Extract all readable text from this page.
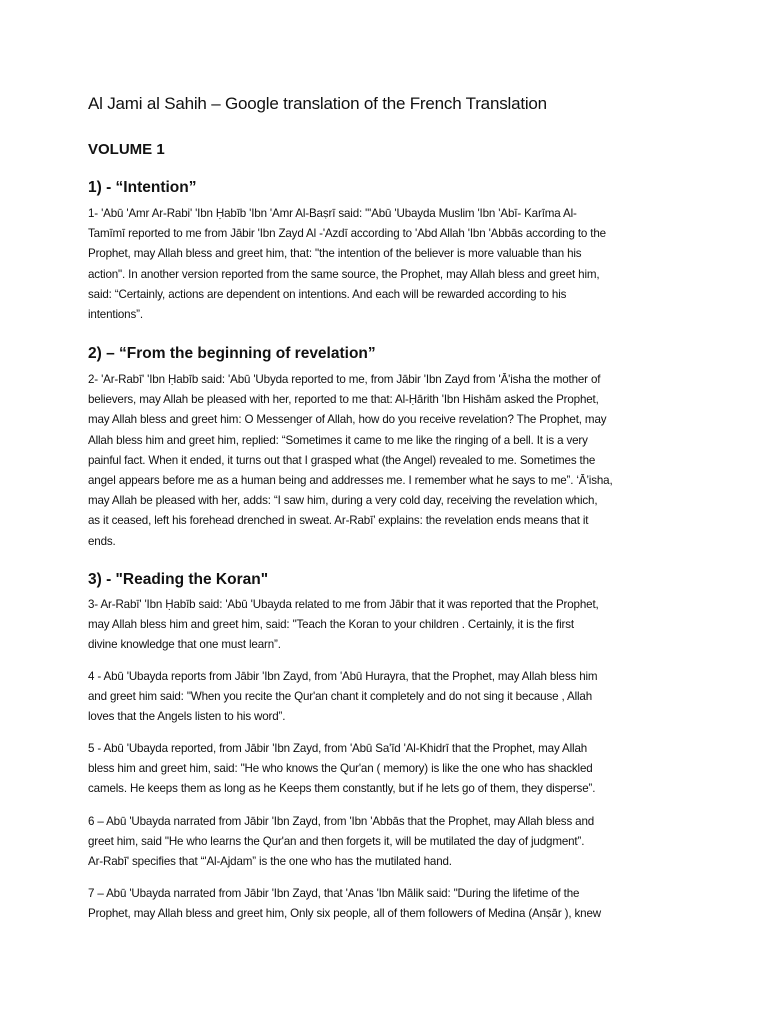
Al Jami al Sahih – Google translation of the French Translation
VOLUME 1
1) - “Intention”
1- 'Abū 'Amr Ar-Rabi' 'Ibn Ḥabīb 'Ibn 'Amr Al-Baṣrī said: "'Abū 'Ubayda Muslim 'Ibn 'Abī- Karīma Al-
Tamīmī reported to me from Jābir 'Ibn Zayd Al -'Azdī according to 'Abd Allah 'Ibn 'Abbās according to the
Prophet, may Allah bless and greet him, that: "the intention of the believer is more valuable than his
action". In another version reported from the same source, the Prophet, may Allah bless and greet him,
said: “Certainly, actions are dependent on intentions. And each will be rewarded according to his
intentions”.
2) – “From the beginning of revelation”
2- 'Ar-Rabī' 'Ibn Ḥabīb said: 'Abū 'Ubyda reported to me, from Jābir 'Ibn Zayd from 'Ā'isha the mother of
believers, may Allah be pleased with her, reported to me that: Al-Ḥārith 'Ibn Hishām asked the Prophet,
may Allah bless and greet him: O Messenger of Allah, how do you receive revelation? The Prophet, may
Allah bless him and greet him, replied: “Sometimes it came to me like the ringing of a bell. It is a very
painful fact. When it ended, it turns out that I grasped what (the Angel) revealed to me. Sometimes the
angel appears before me as a human being and addresses me. I remember what he says to me”. ‘Ā’isha,
may Allah be pleased with her, adds: “I saw him, during a very cold day, receiving the revelation which,
as it ceased, left his forehead drenched in sweat. Ar-Rabī’ explains: the revelation ends means that it
ends.
3) - "Reading the Koran"
3- Ar-Rabī' 'Ibn Ḥabīb said: 'Abū 'Ubayda related to me from Jābir that it was reported that the Prophet,
may Allah bless him and greet him, said: "Teach the Koran to your children . Certainly, it is the first
divine knowledge that one must learn”.
4 - Abū 'Ubayda reports from Jābir 'Ibn Zayd, from 'Abū Hurayra, that the Prophet, may Allah bless him
and greet him said: "When you recite the Qur'an chant it completely and do not sing it because , Allah
loves that the Angels listen to his word”.
5 - Abū 'Ubayda reported, from Jābir 'Ibn Zayd, from 'Abū Sa'īd 'Al-Khidrī that the Prophet, may Allah
bless him and greet him, said: "He who knows the Qur'an ( memory) is like the one who has shackled
camels. He keeps them as long as he Keeps them constantly, but if he lets go of them, they disperse”.
6 – Abū 'Ubayda narrated from Jābir 'Ibn Zayd, from 'Ibn 'Abbās that the Prophet, may Allah bless and
greet him, said "He who learns the Qur'an and then forgets it, will be mutilated the day of judgment”.
Ar-Rabī' specifies that “'Al-Ajdam” is the one who has the mutilated hand.
7 – Abū 'Ubayda narrated from Jābir 'Ibn Zayd, that 'Anas 'Ibn Mālik said: "During the lifetime of the
Prophet, may Allah bless and greet him, Only six people, all of them followers of Medina (Anṣār ), knew
